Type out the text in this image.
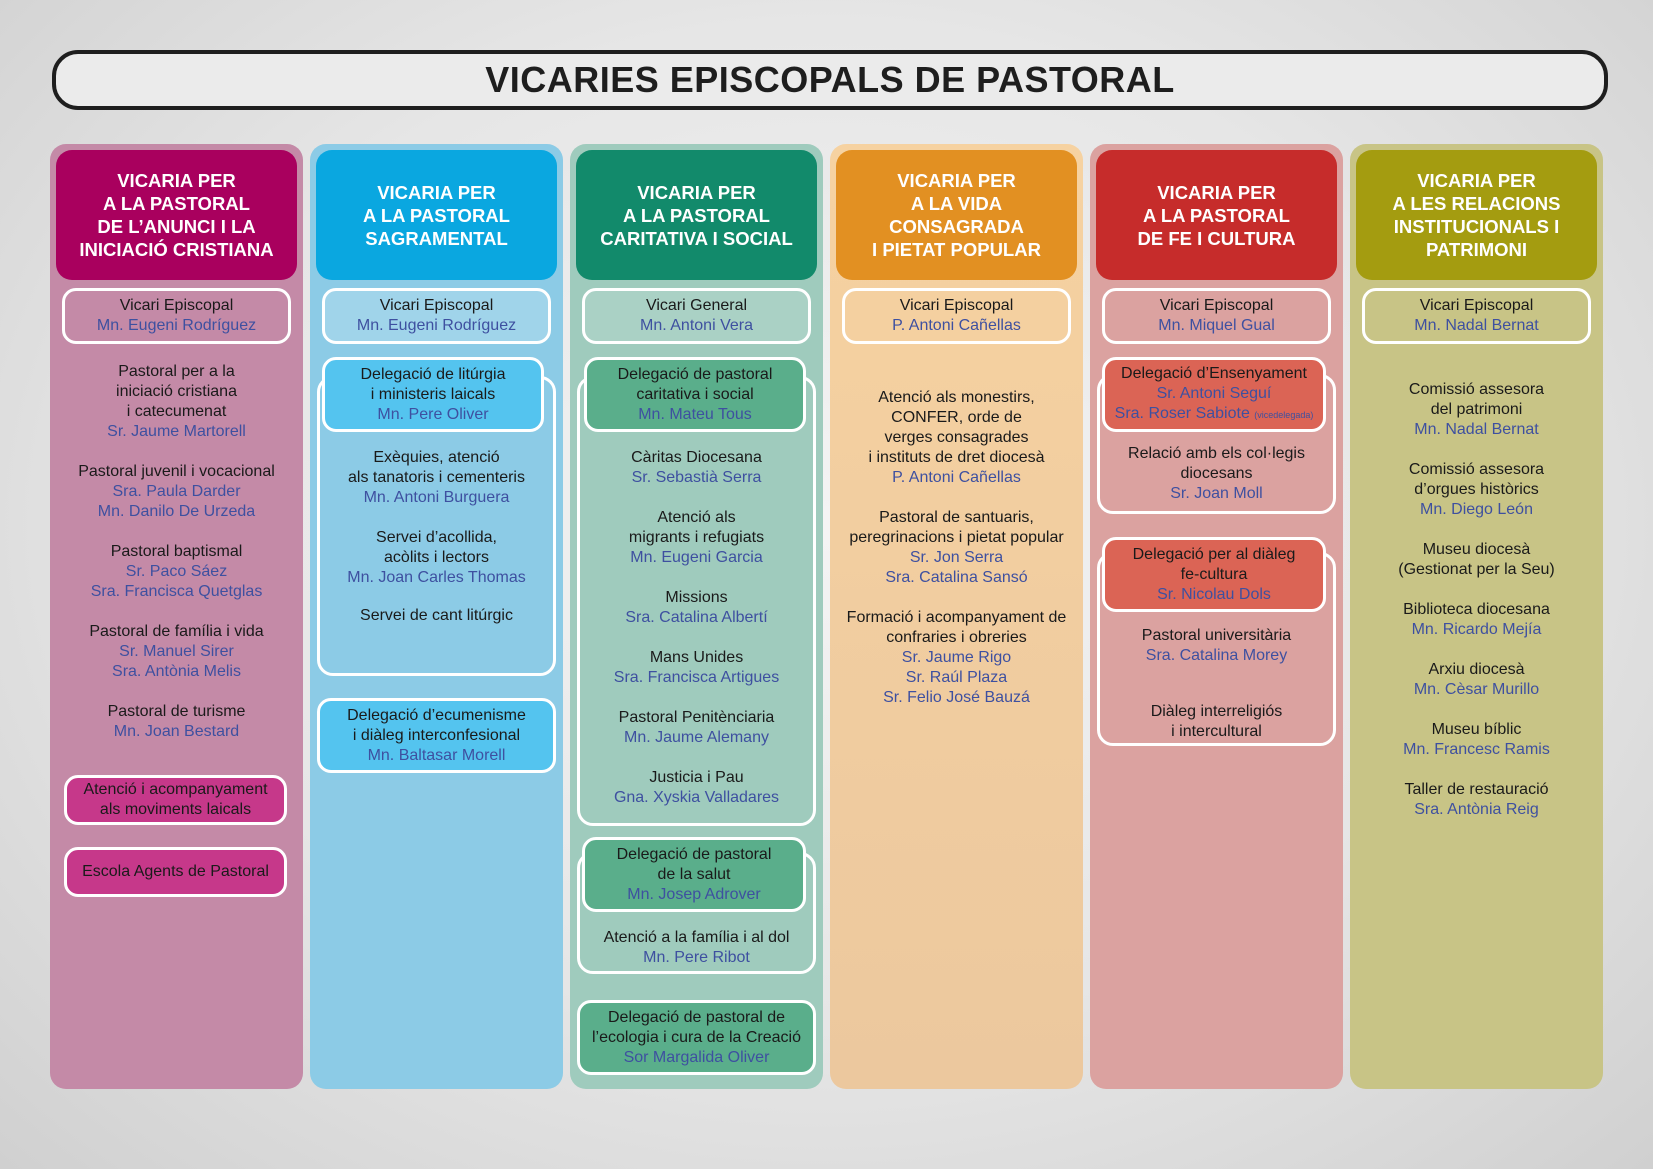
VICARIES EPISCOPALS DE PASTORAL
VICARIA PER
A LA PASTORAL
DE L’ANUNCI I LA
INICIACIÓ CRISTIANA
Vicari Episcopal
Mn. Eugeni Rodríguez
Pastoral per a la
iniciació cristiana
i catecumenat
Sr. Jaume Martorell
Pastoral juvenil i vocacional
Sra. Paula Darder
Mn. Danilo De Urzeda
Pastoral baptismal
Sr. Paco Sáez
Sra. Francisca Quetglas
Pastoral de família i vida
Sr. Manuel Sirer
Sra. Antònia Melis
Pastoral de turisme
Mn. Joan Bestard
Atenció i acompanyament
als moviments laicals
Escola Agents de Pastoral
VICARIA PER
A LA PASTORAL
SAGRAMENTAL
Vicari Episcopal
Mn. Eugeni Rodríguez
Delegació de litúrgia
i ministeris laicals
Mn. Pere Oliver
Exèquies, atenció
als tanatoris i cementeris
Mn. Antoni Burguera
Servei d’acollida,
acòlits i lectors
Mn. Joan Carles Thomas
Servei de cant litúrgic
Delegació d’ecumenisme
i diàleg interconfesional
Mn. Baltasar Morell
VICARIA PER
A LA PASTORAL
CARITATIVA I SOCIAL
Vicari General
Mn. Antoni Vera
Delegació de pastoral
caritativa i social
Mn. Mateu Tous
Càritas Diocesana
Sr. Sebastià Serra
Atenció als
migrants i refugiats
Mn. Eugeni Garcia
Missions
Sra. Catalina Albertí
Mans Unides
Sra. Francisca Artigues
Pastoral Penitènciaria
Mn. Jaume Alemany
Justicia i Pau
Gna. Xyskia Valladares
Delegació de pastoral
de la salut
Mn. Josep Adrover
Atenció a la família i al dol
Mn. Pere Ribot
Delegació de pastoral de
l’ecologia i cura de la Creació
Sor Margalida Oliver
VICARIA PER
A LA VIDA
CONSAGRADA
I PIETAT POPULAR
Vicari Episcopal
P. Antoni Cañellas
Atenció als monestirs,
CONFER, orde de
verges consagrades
i instituts de dret diocesà
P. Antoni Cañellas
Pastoral de santuaris,
peregrinacions i pietat popular
Sr. Jon Serra
Sra. Catalina Sansó
Formació i acompanyament de
confraries i obreries
Sr. Jaume Rigo
Sr. Raúl Plaza
Sr. Felio José Bauzá
VICARIA PER
A LA PASTORAL
DE FE I CULTURA
Vicari Episcopal
Mn. Miquel Gual
Delegació d’Ensenyament
Sr. Antoni Seguí
Sra. Roser Sabiote (vicedelegada)
Relació amb els col·legis
diocesans
Sr. Joan Moll
Delegació per al diàleg
fe-cultura
Sr. Nicolau Dols
Pastoral universitària
Sra. Catalina Morey
Diàleg interreligiós
i intercultural
VICARIA PER
A LES RELACIONS
INSTITUCIONALS I
PATRIMONI
Vicari Episcopal
Mn. Nadal Bernat
Comissió assesora
del patrimoni
Mn. Nadal Bernat
Comissió assesora
d’orgues històrics
Mn. Diego León
Museu diocesà
(Gestionat per la Seu)
Biblioteca diocesana
Mn. Ricardo Mejía
Arxiu diocesà
Mn. Cèsar Murillo
Museu bíblic
Mn. Francesc Ramis
Taller de restauració
Sra. Antònia Reig
